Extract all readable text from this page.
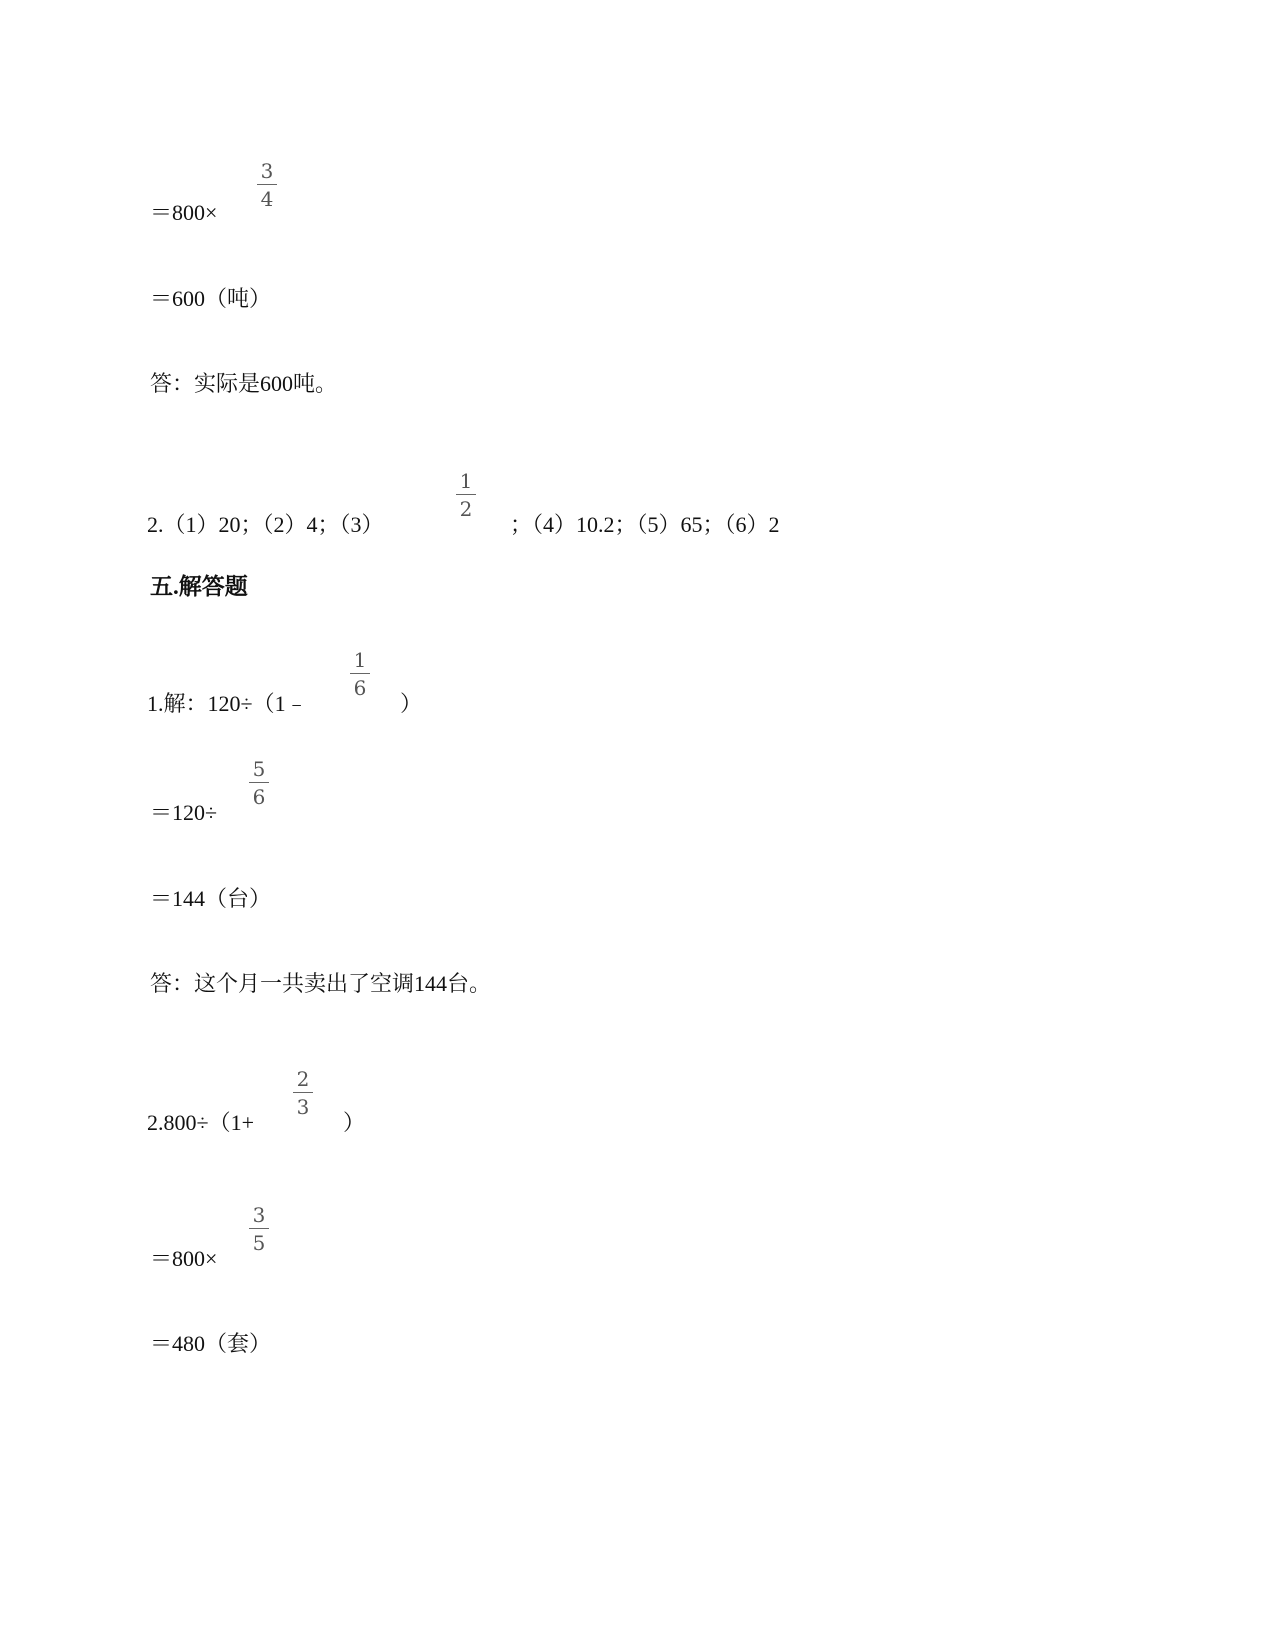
3
4
＝800×
＝600（吨）
答：实际是600吨。
2.（1）20；（2）4；（3）
1
2
；（4）10.2；（5）65；（6）2
五.解答题
1.解：120÷（1﹣
1
6
）
5
6
＝120÷
＝144（台）
答：这个月一共卖出了空调144台。
2.800÷（1+
2
3
）
3
5
＝800×
＝480（套）
